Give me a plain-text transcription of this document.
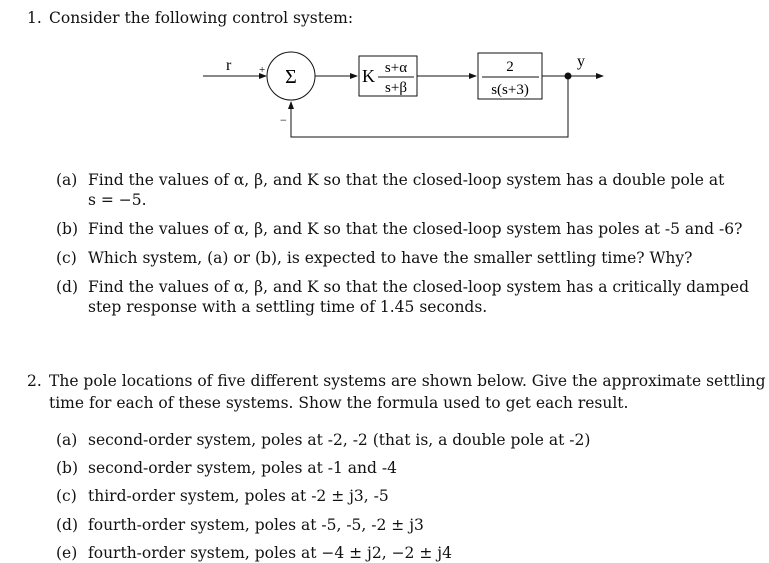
1. Consider the following control system:
r
Σ
+
−
K s+α
s+β
2
s(s+3)
y
(a) Find the values of α, β, and K so that the closed-loop system has a double pole at
s = −5.
(b) Find the values of α, β, and K so that the closed-loop system has poles at -5 and -6?
(c) Which system, (a) or (b), is expected to have the smaller settling time? Why?
(d) Find the values of α, β, and K so that the closed-loop system has a critically damped
step response with a settling time of 1.45 seconds.
2. The pole locations of five different systems are shown below. Give the approximate settling
time for each of these systems. Show the formula used to get each result.
(a) second-order system, poles at -2, -2 (that is, a double pole at -2)
(b) second-order system, poles at -1 and -4
(c) third-order system, poles at -2 ± j3, -5
(d) fourth-order system, poles at -5, -5, -2 ± j3
(e) fourth-order system, poles at −4 ± j2, −2 ± j4
